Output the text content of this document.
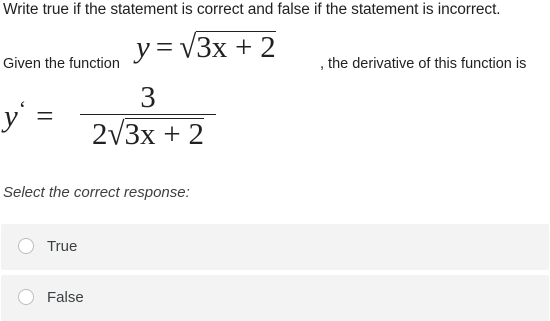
Write true if the statement is correct and false if the statement is incorrect.
Given the function y = √3x + 2	, the derivative of this function is
y‘ =
3
2√3x + 2
Select the correct response:
True
False
